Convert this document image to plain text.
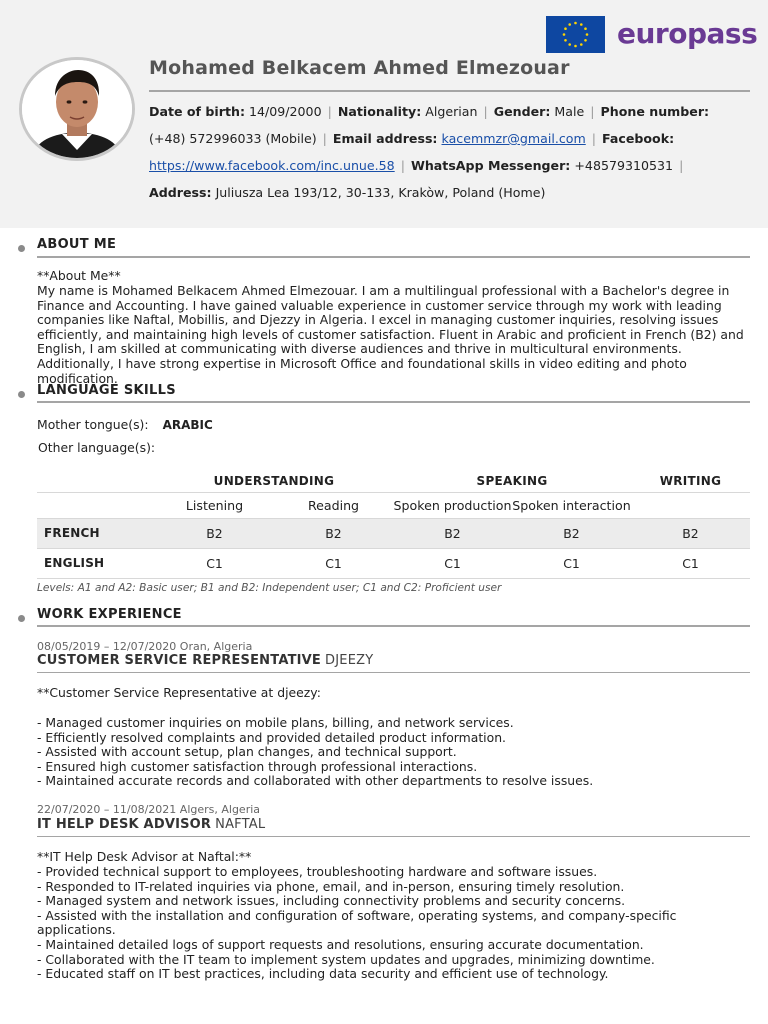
europass
Mohamed Belkacem Ahmed Elmezouar
Date of birth: 14/09/2000 | Nationality: Algerian | Gender: Male | Phone number:
(+48) 572996033 (Mobile) | Email address: kacemmzr@gmail.com | Facebook:
https://www.facebook.com/inc.unue.58 | WhatsApp Messenger: +48579310531 |
Address: Juliusza Lea 193/12, 30-133, Krakòw, Poland (Home)
ABOUT ME
**About Me**
My name is Mohamed Belkacem Ahmed Elmezouar. I am a multilingual professional with a Bachelor's degree in Finance and Accounting. I have gained valuable experience in customer service through my work with leading companies like Naftal, Mobillis, and Djezzy in Algeria. I excel in managing customer inquiries, resolving issues efficiently, and maintaining high levels of customer satisfaction. Fluent in Arabic and proficient in French (B2) and English, I am skilled at communicating with diverse audiences and thrive in multicultural environments. Additionally, I have strong expertise in Microsoft Office and foundational skills in video editing and photo modification.
LANGUAGE SKILLS
Mother tongue(s): ARABIC
Other language(s):
	UNDERSTANDING		SPEAKING		WRITING
	Listening	Reading	Spoken production	Spoken interaction	
FRENCH	B2	B2	B2	B2	B2
ENGLISH	C1	C1	C1	C1	C1
Levels: A1 and A2: Basic user; B1 and B2: Independent user; C1 and C2: Proficient user
WORK EXPERIENCE
08/05/2019 – 12/07/2020 Oran, Algeria
CUSTOMER SERVICE REPRESENTATIVE DJEEZY
**Customer Service Representative at djeezy:
- Managed customer inquiries on mobile plans, billing, and network services.
- Efficiently resolved complaints and provided detailed product information.
- Assisted with account setup, plan changes, and technical support.
- Ensured high customer satisfaction through professional interactions.
- Maintained accurate records and collaborated with other departments to resolve issues.
22/07/2020 – 11/08/2021 Algers, Algeria
IT HELP DESK ADVISOR NAFTAL
**IT Help Desk Advisor at Naftal:**
- Provided technical support to employees, troubleshooting hardware and software issues.
- Responded to IT-related inquiries via phone, email, and in-person, ensuring timely resolution.
- Managed system and network issues, including connectivity problems and security concerns.
- Assisted with the installation and configuration of software, operating systems, and company-specific applications.
- Maintained detailed logs of support requests and resolutions, ensuring accurate documentation.
- Collaborated with the IT team to implement system updates and upgrades, minimizing downtime.
- Educated staff on IT best practices, including data security and efficient use of technology.
